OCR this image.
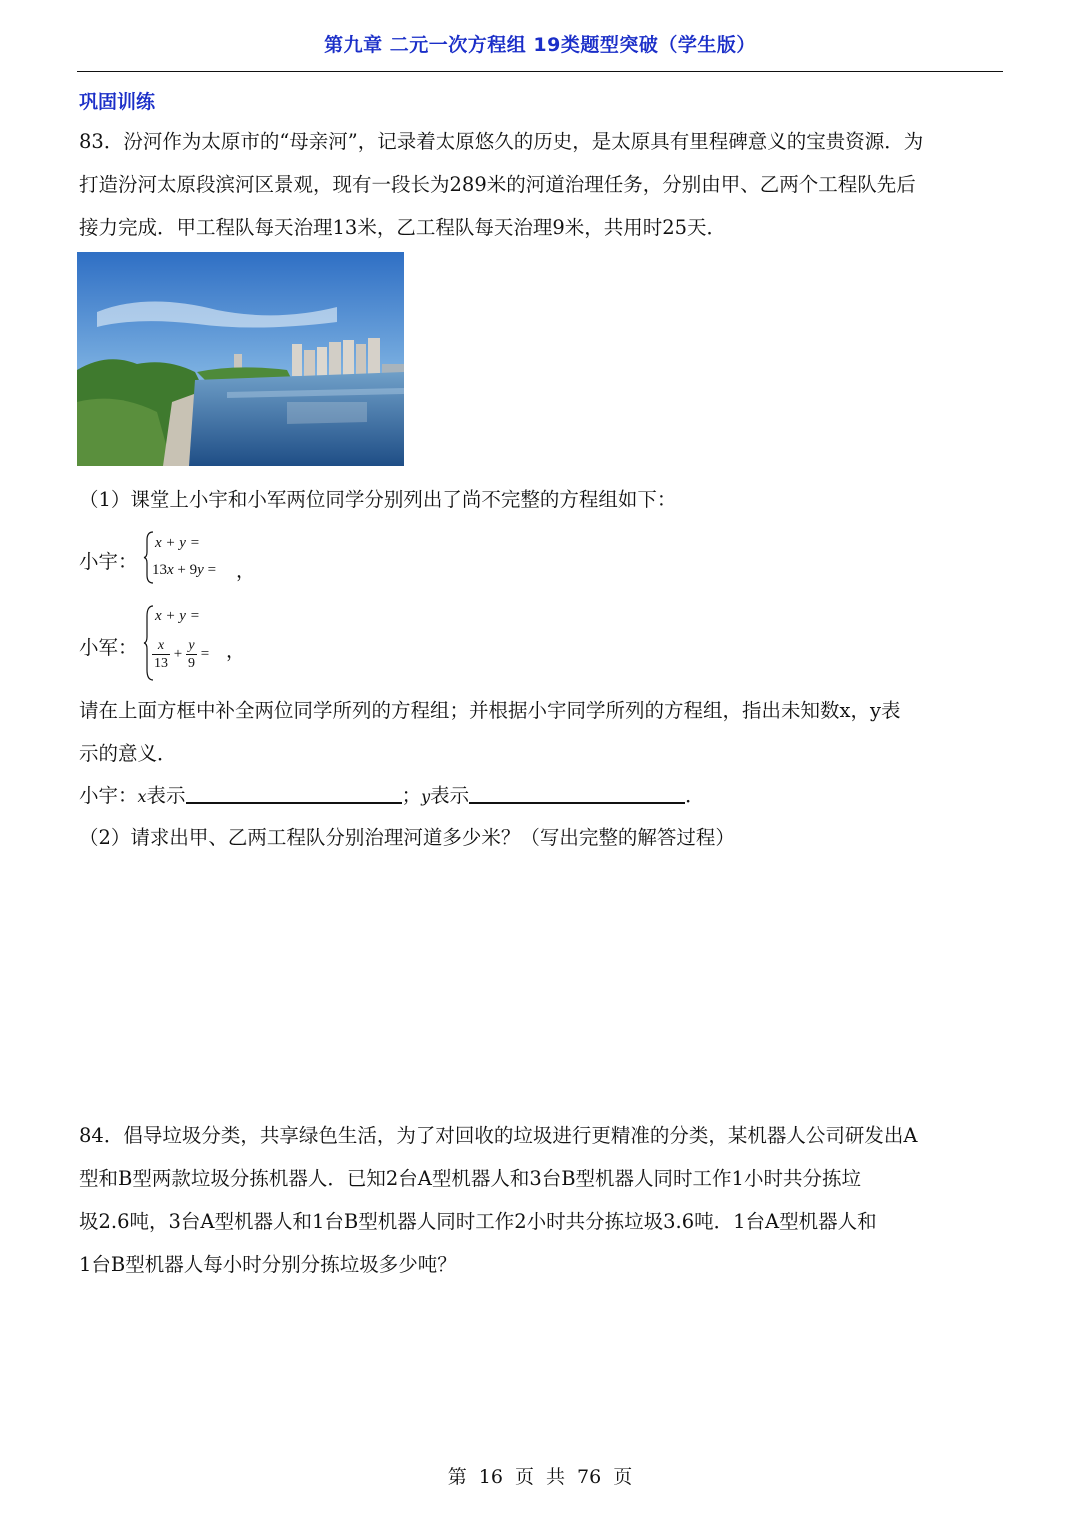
第九章 二元一次方程组 19类题型突破（学生版）
巩固训练
83．汾河作为太原市的“母亲河”，记录着太原悠久的历史，是太原具有里程碑意义的宝贵资源．为
打造汾河太原段滨河区景观，现有一段长为289米的河道治理任务，分别由甲、乙两个工程队先后
接力完成．甲工程队每天治理13米，乙工程队每天治理9米，共用时25天．
（1）课堂上小宇和小军两位同学分别列出了尚不完整的方程组如下：
小宇：
x + y =
13x + 9y = ，
小军：
x + y =
$\frac{x}{13} + \frac{y}{9}$ = ，
请在上面方框中补全两位同学所列的方程组；并根据小宇同学所列的方程组，指出未知数x，y表
示的意义．
小宇：x表示	；y表示	．
（2）请求出甲、乙两工程队分别治理河道多少米？（写出完整的解答过程）
84．倡导垃圾分类，共享绿色生活，为了对回收的垃圾进行更精准的分类，某机器人公司研发出A
型和B型两款垃圾分拣机器人．已知2台A型机器人和3台B型机器人同时工作1小时共分拣垃
圾2.6吨，3台A型机器人和1台B型机器人同时工作2小时共分拣垃圾3.6吨．1台A型机器人和
1台B型机器人每小时分别分拣垃圾多少吨？
第 16 页 共 76 页
